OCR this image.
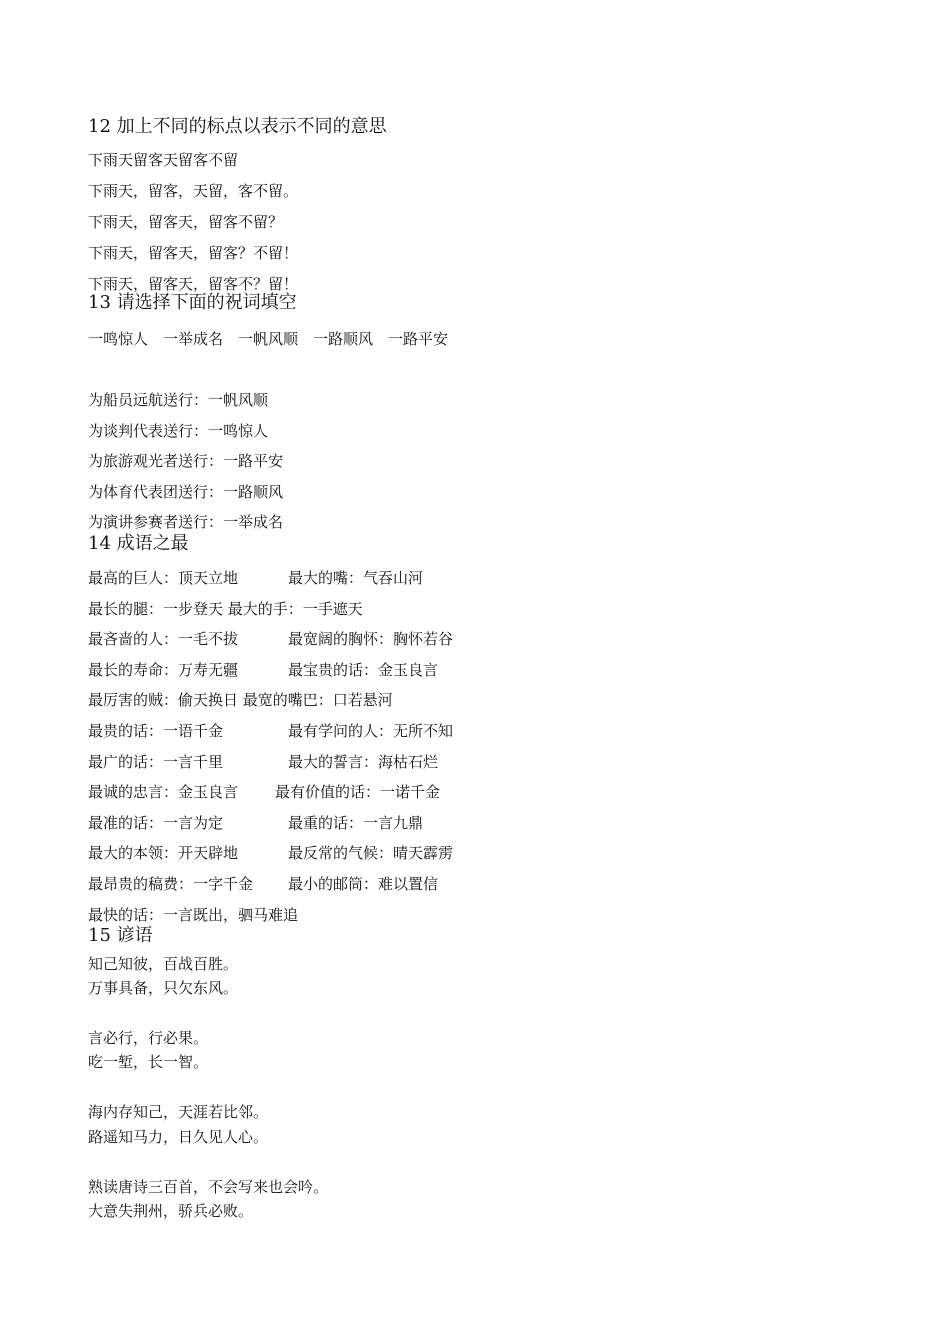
12 加上不同的标点以表示不同的意思
下雨天留客天留客不留
下雨天，留客，天留，客不留。
下雨天，留客天，留客不留？
下雨天，留客天，留客？不留！
下雨天，留客天，留客不？留！
13 请选择下面的祝词填空
一鸣惊人　一举成名　一帆风顺　一路顺风　一路平安
为船员远航送行：一帆风顺
为谈判代表送行：一鸣惊人
为旅游观光者送行：一路平安
为体育代表团送行：一路顺风
为演讲参赛者送行：一举成名
14 成语之最
最高的巨人：顶天立地	最大的嘴：气吞山河
最长的腿：一步登天 最大的手：一手遮天
最吝啬的人：一毛不拔	最宽阔的胸怀：胸怀若谷
最长的寿命：万寿无疆	最宝贵的话：金玉良言
最厉害的贼：偷天换日 最宽的嘴巴：口若悬河
最贵的话：一语千金	最有学问的人：无所不知
最广的话：一言千里	最大的誓言：海枯石烂
最诚的忠言：金玉良言 最有价值的话：一诺千金
最准的话：一言为定	最重的话：一言九鼎
最大的本领：开天辟地	最反常的气候：晴天霹雳
最昂贵的稿费：一字千金 最小的邮筒：难以置信
最快的话：一言既出，驷马难追
15 谚语
知己知彼，百战百胜。
万事具备，只欠东风。
言必行，行必果。
吃一堑，长一智。
海内存知己，天涯若比邻。
路遥知马力，日久见人心。
熟读唐诗三百首，不会写来也会吟。
大意失荆州，骄兵必败。
